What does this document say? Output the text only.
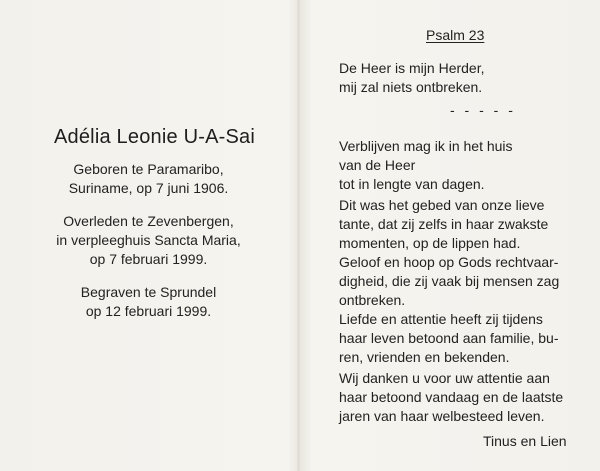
Adélia Leonie U-A-Sai
Geboren te Paramaribo,
Suriname, op 7 juni 1906.
Overleden te Zevenbergen,
in verpleeghuis Sancta Maria,
op 7 februari 1999.
Begraven te Sprundel
op 12 februari 1999.
Psalm 23
De Heer is mijn Herder,
mij zal niets ontbreken.
- - - - -
Verblijven mag ik in het huis
van de Heer
tot in lengte van dagen.
Dit was het gebed van onze lieve
tante, dat zij zelfs in haar zwakste
momenten, op de lippen had.
Geloof en hoop op Gods rechtvaar-
digheid, die zij vaak bij mensen zag
ontbreken.
Liefde en attentie heeft zij tijdens
haar leven betoond aan familie, bu-
ren, vrienden en bekenden.
Wij danken u voor uw attentie aan
haar betoond vandaag en de laatste
jaren van haar welbesteed leven.
Tinus en Lien
